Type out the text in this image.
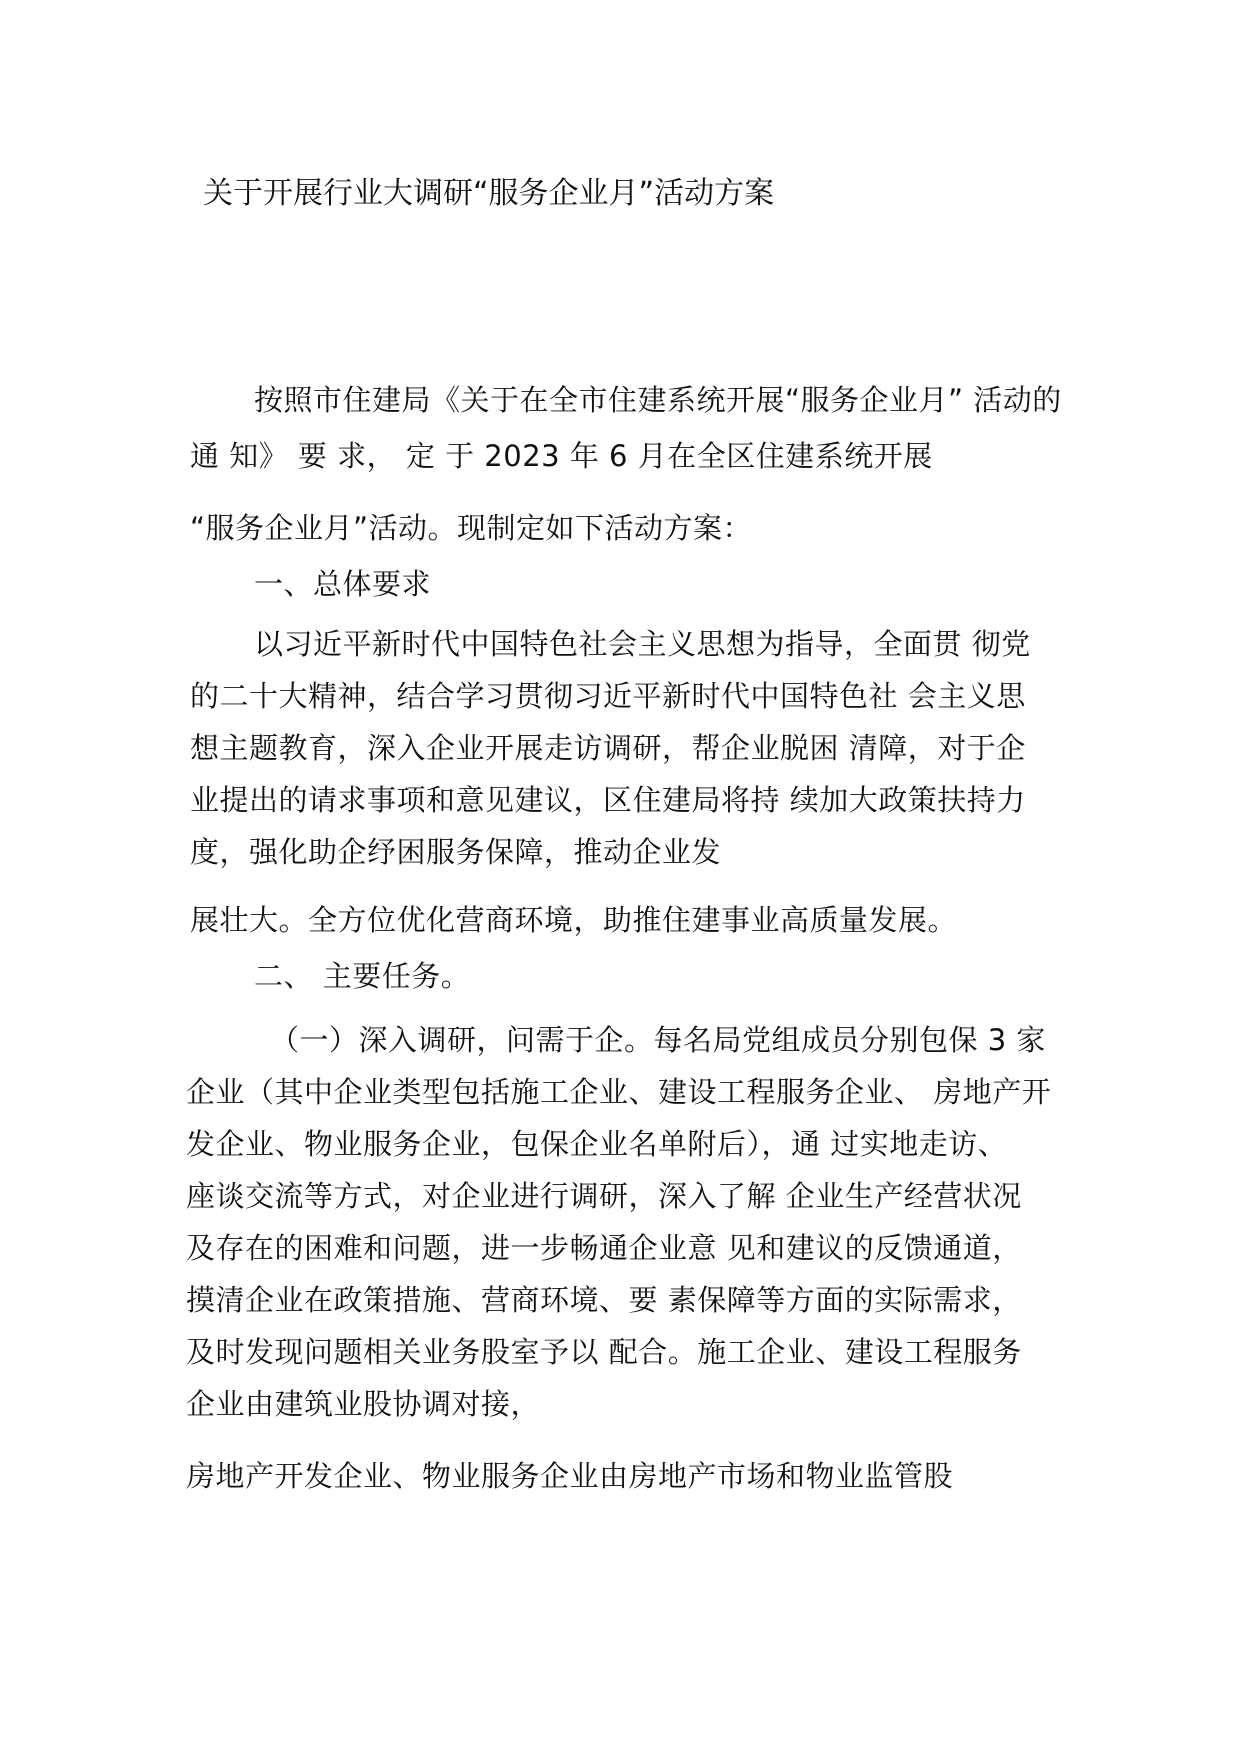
关于开展行业大调研“服务企业月”活动方案
按照市住建局《关于在全市住建系统开展“服务企业月” 活动的
通 知》 要 求， 定 于 2023 年 6 月在全区住建系统开展
“服务企业月”活动。现制定如下活动方案：
一、总体要求
以习近平新时代中国特色社会主义思想为指导，全面贯 彻党
的二十大精神，结合学习贯彻习近平新时代中国特色社 会主义思
想主题教育，深入企业开展走访调研，帮企业脱困 清障，对于企
业提出的请求事项和意见建议，区住建局将持 续加大政策扶持力
度，强化助企纾困服务保障，推动企业发
展壮大。全方位优化营商环境，助推住建事业高质量发展。
二、 主要任务。
（一）深入调研，问需于企。每名局党组成员分别包保 3 家
企业（其中企业类型包括施工企业、建设工程服务企业、 房地产开
发企业、物业服务企业，包保企业名单附后），通 过实地走访、
座谈交流等方式，对企业进行调研，深入了解 企业生产经营状况
及存在的困难和问题，进一步畅通企业意 见和建议的反馈通道，
摸清企业在政策措施、营商环境、要 素保障等方面的实际需求，
及时发现问题相关业务股室予以 配合。施工企业、建设工程服务
企业由建筑业股协调对接，
房地产开发企业、物业服务企业由房地产市场和物业监管股
